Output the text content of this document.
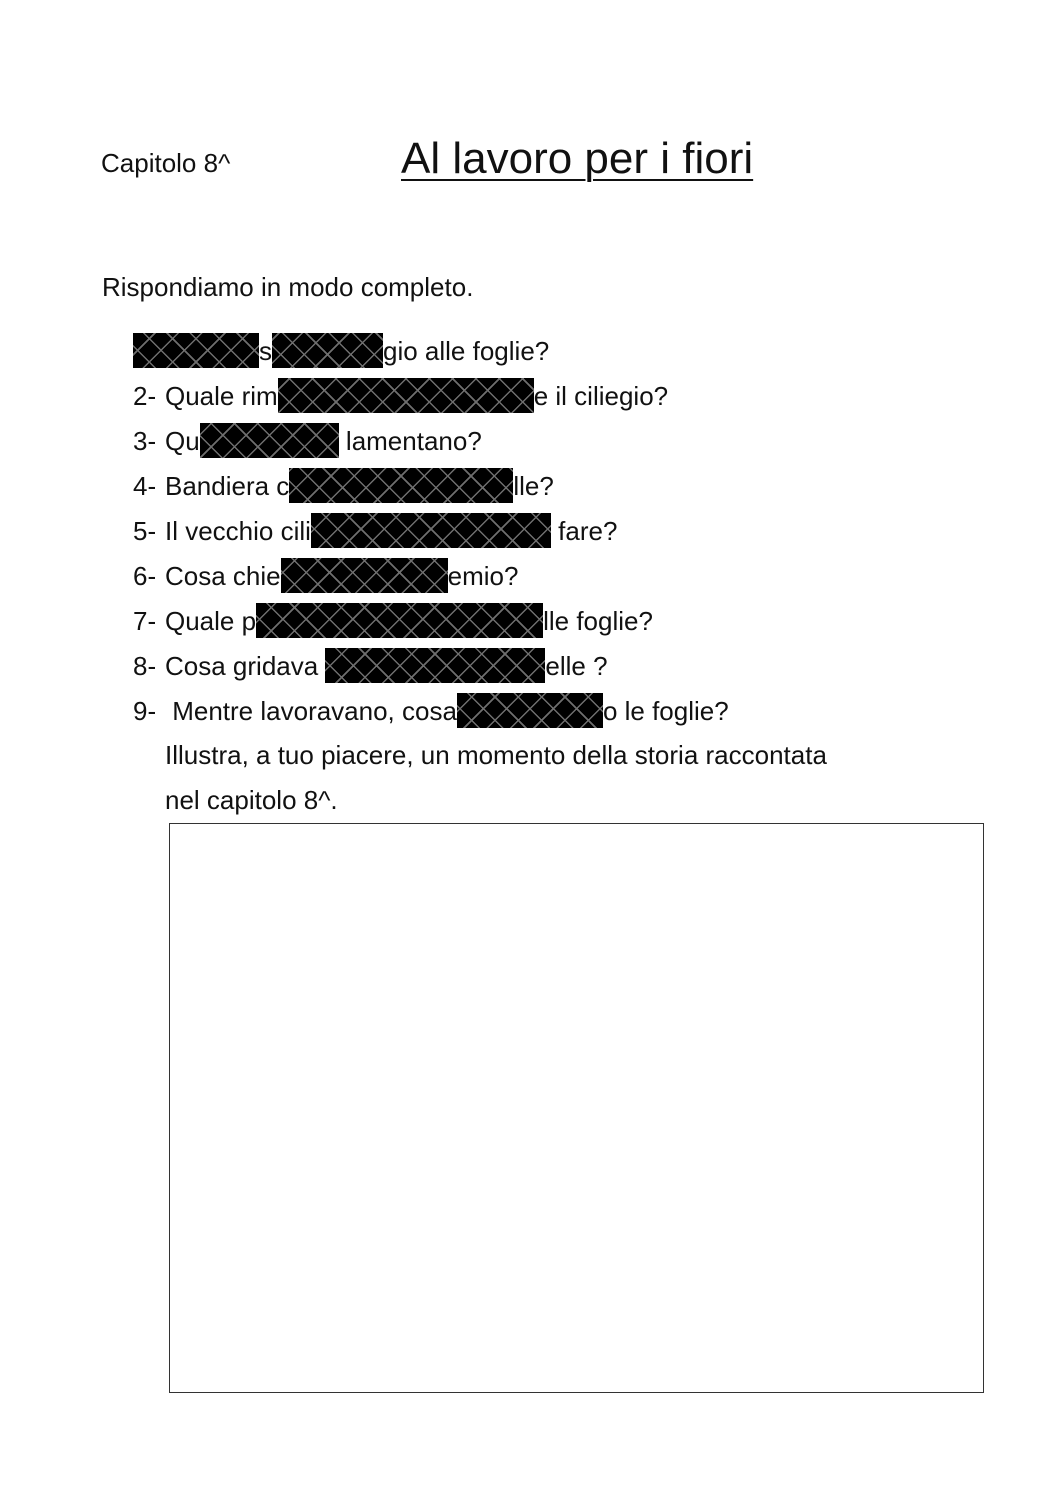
Capitolo 8^	Al lavoro per i fiori
Rispondiamo in modo completo.
s	gio alle foglie?
2- Quale rim	e il ciliegio?
3- Qu	lamentano?
4- Bandiera c	lle?
5- Il vecchio cili	fare?
6- Cosa chie	emio?
7- Quale p	lle foglie?
8- Cosa gridava	elle ?
9- Mentre lavoravano, cosa	o le foglie?
Illustra, a tuo piacere, un momento della storia raccontata
nel capitolo 8^.
